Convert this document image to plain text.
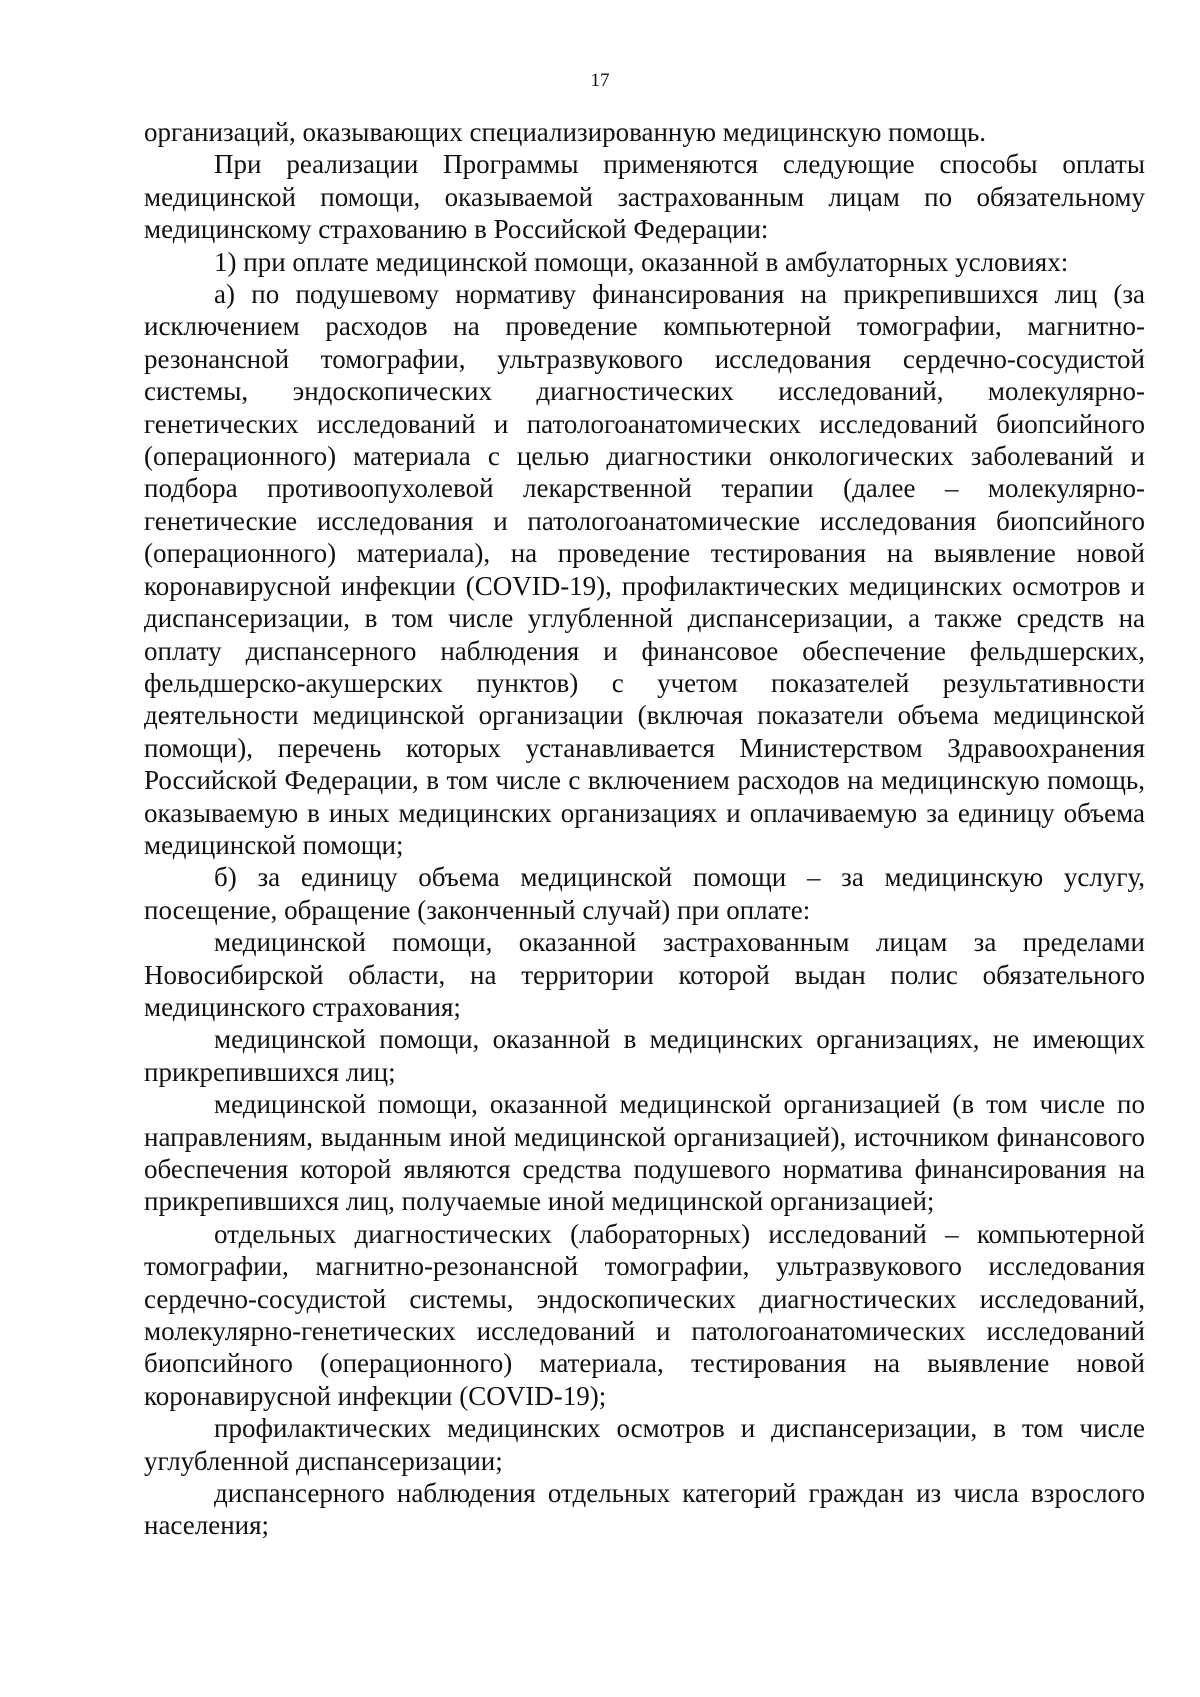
17

организаций, оказывающих специализированную медицинскую помощь.

При реализации Программы применяются следующие способы оплаты медицинской помощи, оказываемой застрахованным лицам по обязательному медицинскому страхованию в Российской Федерации:

1) при оплате медицинской помощи, оказанной в амбулаторных условиях:

а) по подушевому нормативу финансирования на прикрепившихся лиц (за исключением расходов на проведение компьютерной томографии, магнитно-резонансной томографии, ультразвукового исследования сердечно-сосудистой системы, эндоскопических диагностических исследований, молекулярно-генетических исследований и патологоанатомических исследований биопсийного (операционного) материала с целью диагностики онкологических заболеваний и подбора противоопухолевой лекарственной терапии (далее – молекулярно-генетические исследования и патологоанатомические исследования биопсийного (операционного) материала), на проведение тестирования на выявление новой коронавирусной инфекции (COVID-19), профилактических медицинских осмотров и диспансеризации, в том числе углубленной диспансеризации, а также средств на оплату диспансерного наблюдения и финансовое обеспечение фельдшерских, фельдшерско-акушерских пунктов) с учетом показателей результативности деятельности медицинской организации (включая показатели объема медицинской помощи), перечень которых устанавливается Министерством Здравоохранения Российской Федерации, в том числе с включением расходов на медицинскую помощь, оказываемую в иных медицинских организациях и оплачиваемую за единицу объема медицинской помощи;

б) за единицу объема медицинской помощи – за медицинскую услугу, посещение, обращение (законченный случай) при оплате:

медицинской помощи, оказанной застрахованным лицам за пределами Новосибирской области, на территории которой выдан полис обязательного медицинского страхования;

медицинской помощи, оказанной в медицинских организациях, не имеющих прикрепившихся лиц;

медицинской помощи, оказанной медицинской организацией (в том числе по направлениям, выданным иной медицинской организацией), источником финансового обеспечения которой являются средства подушевого норматива финансирования на прикрепившихся лиц, получаемые иной медицинской организацией;

отдельных диагностических (лабораторных) исследований – компьютерной томографии, магнитно-резонансной томографии, ультразвукового исследования сердечно-сосудистой системы, эндоскопических диагностических исследований, молекулярно-генетических исследований и патологоанатомических исследований биопсийного (операционного) материала, тестирования на выявление новой коронавирусной инфекции (COVID-19);

профилактических медицинских осмотров и диспансеризации, в том числе углубленной диспансеризации;

диспансерного наблюдения отдельных категорий граждан из числа взрослого населения;
